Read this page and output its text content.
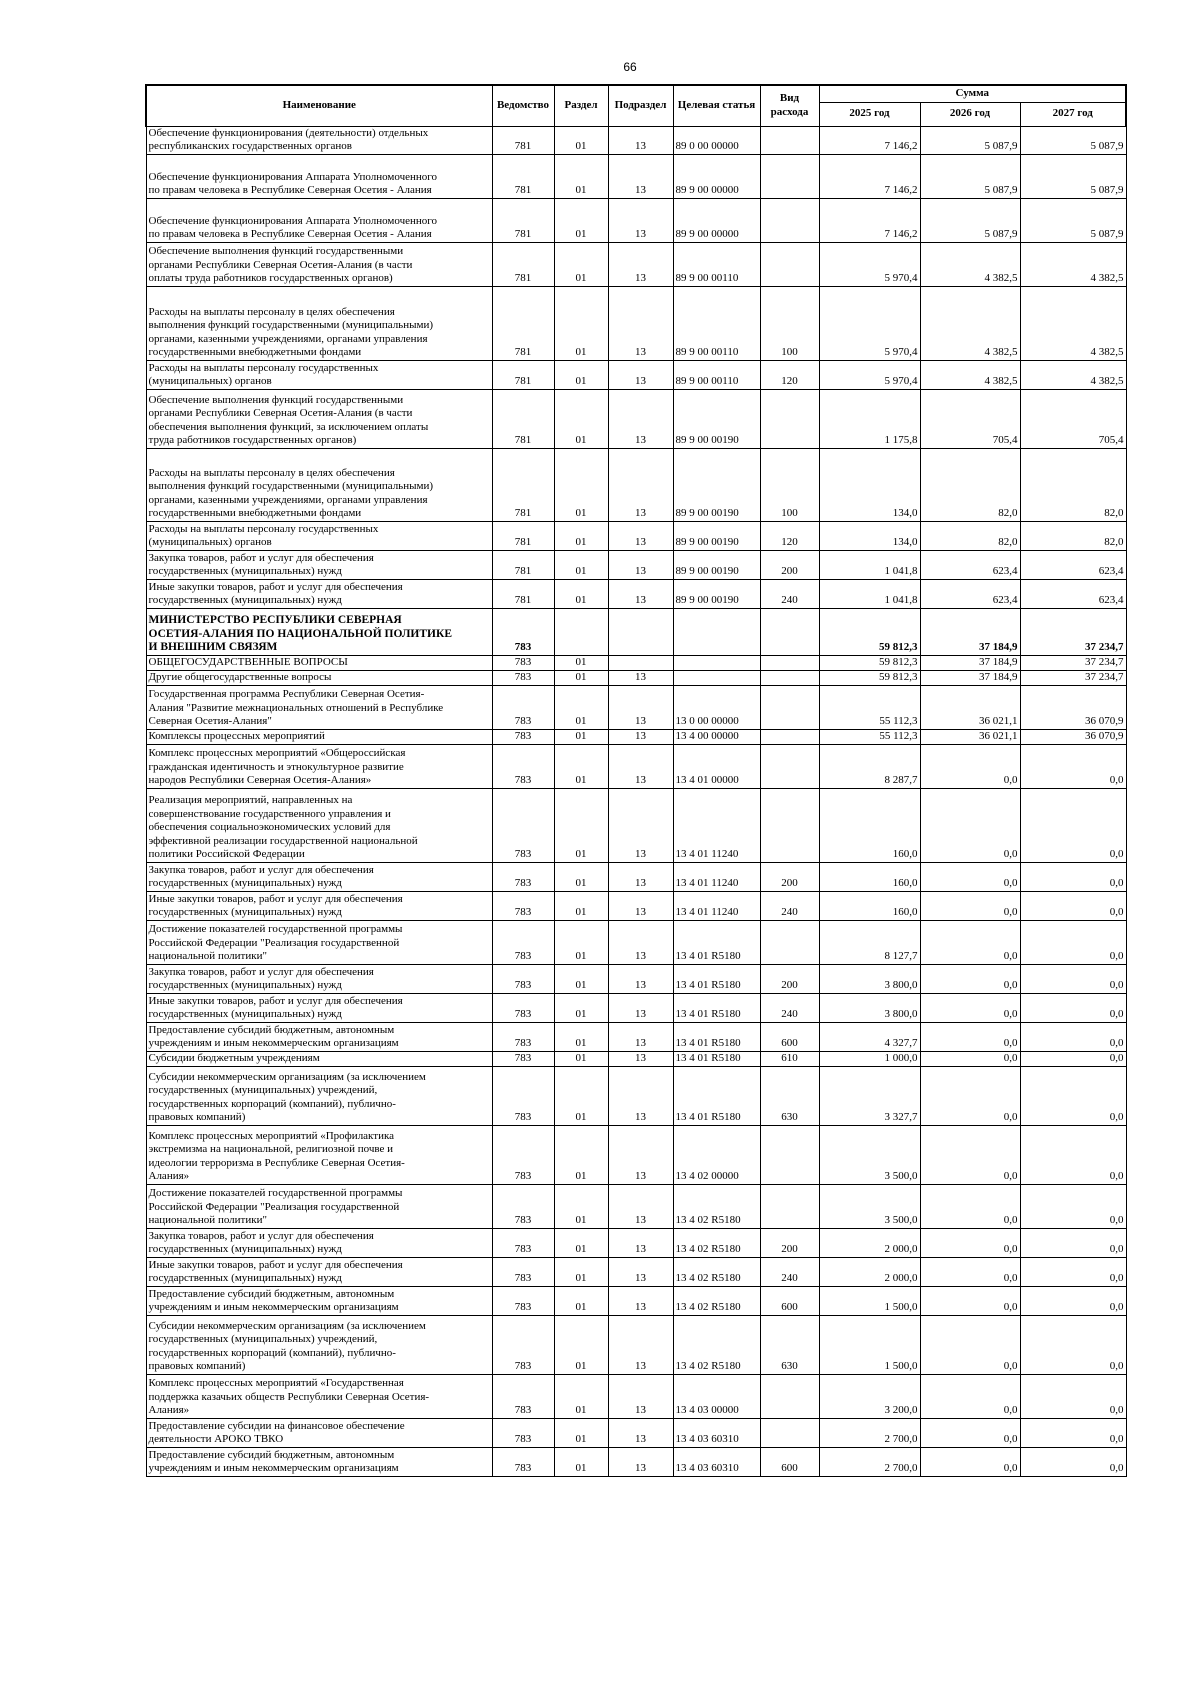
66
Наименование	Ведомство	Раздел	Подраздел	Целевая статья	Вид расхода	Сумма		
						2025 год	2026 год	2027 год
Обеспечение функционирования (деятельности) отдельных
республиканских государственных органов	781	01	13	89 0 00 00000		7 146,2	5 087,9	5 087,9
Обеспечение функционирования Аппарата Уполномоченного
по правам человека в Республике Северная Осетия - Алания	781	01	13	89 9 00 00000		7 146,2	5 087,9	5 087,9
Обеспечение функционирования Аппарата Уполномоченного
по правам человека в Республике Северная Осетия - Алания	781	01	13	89 9 00 00000		7 146,2	5 087,9	5 087,9
Обеспечение выполнения функций государственными
органами Республики Северная Осетия-Алания (в части
оплаты труда работников государственных органов)	781	01	13	89 9 00 00110		5 970,4	4 382,5	4 382,5
Расходы на выплаты персоналу в целях обеспечения
выполнения функций государственными (муниципальными)
органами, казенными учреждениями, органами управления
государственными внебюджетными фондами	781	01	13	89 9 00 00110	100	5 970,4	4 382,5	4 382,5
Расходы на выплаты персоналу государственных
(муниципальных) органов	781	01	13	89 9 00 00110	120	5 970,4	4 382,5	4 382,5
Обеспечение выполнения функций государственными
органами Республики Северная Осетия-Алания (в части
обеспечения выполнения функций, за исключением оплаты
труда работников государственных органов)	781	01	13	89 9 00 00190		1 175,8	705,4	705,4
Расходы на выплаты персоналу в целях обеспечения
выполнения функций государственными (муниципальными)
органами, казенными учреждениями, органами управления
государственными внебюджетными фондами	781	01	13	89 9 00 00190	100	134,0	82,0	82,0
Расходы на выплаты персоналу государственных
(муниципальных) органов	781	01	13	89 9 00 00190	120	134,0	82,0	82,0
Закупка товаров, работ и услуг для обеспечения
государственных (муниципальных) нужд	781	01	13	89 9 00 00190	200	1 041,8	623,4	623,4
Иные закупки товаров, работ и услуг для обеспечения
государственных (муниципальных) нужд	781	01	13	89 9 00 00190	240	1 041,8	623,4	623,4
МИНИСТЕРСТВО РЕСПУБЛИКИ СЕВЕРНАЯ
ОСЕТИЯ-АЛАНИЯ ПО НАЦИОНАЛЬНОЙ ПОЛИТИКЕ
И ВНЕШНИМ СВЯЗЯМ	783					59 812,3	37 184,9	37 234,7
ОБЩЕГОСУДАРСТВЕННЫЕ ВОПРОСЫ	783	01				59 812,3	37 184,9	37 234,7
Другие общегосударственные вопросы	783	01	13			59 812,3	37 184,9	37 234,7
Государственная программа Республики Северная Осетия-
Алания "Развитие межнациональных отношений в Республике
Северная Осетия-Алания"	783	01	13	13 0 00 00000		55 112,3	36 021,1	36 070,9
Комплексы процессных мероприятий	783	01	13	13 4 00 00000		55 112,3	36 021,1	36 070,9
Комплекс процессных мероприятий «Общероссийская
гражданская идентичность и этнокультурное развитие
народов Республики Северная Осетия-Алания»	783	01	13	13 4 01 00000		8 287,7	0,0	0,0
Реализация мероприятий, направленных на
совершенствование государственного управления и
обеспечения социальноэкономических условий для
эффективной реализации государственной национальной
политики Российской Федерации	783	01	13	13 4 01 11240		160,0	0,0	0,0
Закупка товаров, работ и услуг для обеспечения
государственных (муниципальных) нужд	783	01	13	13 4 01 11240	200	160,0	0,0	0,0
Иные закупки товаров, работ и услуг для обеспечения
государственных (муниципальных) нужд	783	01	13	13 4 01 11240	240	160,0	0,0	0,0
Достижение показателей государственной программы
Российской Федерации "Реализация государственной
национальной политики"	783	01	13	13 4 01 R5180		8 127,7	0,0	0,0
Закупка товаров, работ и услуг для обеспечения
государственных (муниципальных) нужд	783	01	13	13 4 01 R5180	200	3 800,0	0,0	0,0
Иные закупки товаров, работ и услуг для обеспечения
государственных (муниципальных) нужд	783	01	13	13 4 01 R5180	240	3 800,0	0,0	0,0
Предоставление субсидий бюджетным, автономным
учреждениям и иным некоммерческим организациям	783	01	13	13 4 01 R5180	600	4 327,7	0,0	0,0
Субсидии бюджетным учреждениям	783	01	13	13 4 01 R5180	610	1 000,0	0,0	0,0
Субсидии некоммерческим организациям (за исключением
государственных (муниципальных) учреждений,
государственных корпораций (компаний), публично-
правовых компаний)	783	01	13	13 4 01 R5180	630	3 327,7	0,0	0,0
Комплекс процессных мероприятий «Профилактика
экстремизма на национальной, религиозной почве и
идеологии терроризма в Республике Северная Осетия-
Алания»	783	01	13	13 4 02 00000		3 500,0	0,0	0,0
Достижение показателей государственной программы
Российской Федерации "Реализация государственной
национальной политики"	783	01	13	13 4 02 R5180		3 500,0	0,0	0,0
Закупка товаров, работ и услуг для обеспечения
государственных (муниципальных) нужд	783	01	13	13 4 02 R5180	200	2 000,0	0,0	0,0
Иные закупки товаров, работ и услуг для обеспечения
государственных (муниципальных) нужд	783	01	13	13 4 02 R5180	240	2 000,0	0,0	0,0
Предоставление субсидий бюджетным, автономным
учреждениям и иным некоммерческим организациям	783	01	13	13 4 02 R5180	600	1 500,0	0,0	0,0
Субсидии некоммерческим организациям (за исключением
государственных (муниципальных) учреждений,
государственных корпораций (компаний), публично-
правовых компаний)	783	01	13	13 4 02 R5180	630	1 500,0	0,0	0,0
Комплекс процессных мероприятий «Государственная
поддержка казачьих обществ Республики Северная Осетия-
Алания»	783	01	13	13 4 03 00000		3 200,0	0,0	0,0
Предоставление субсидии на финансовое обеспечение
деятельности АРОКО ТВКО	783	01	13	13 4 03 60310		2 700,0	0,0	0,0
Предоставление субсидий бюджетным, автономным
учреждениям и иным некоммерческим организациям	783	01	13	13 4 03 60310	600	2 700,0	0,0	0,0
